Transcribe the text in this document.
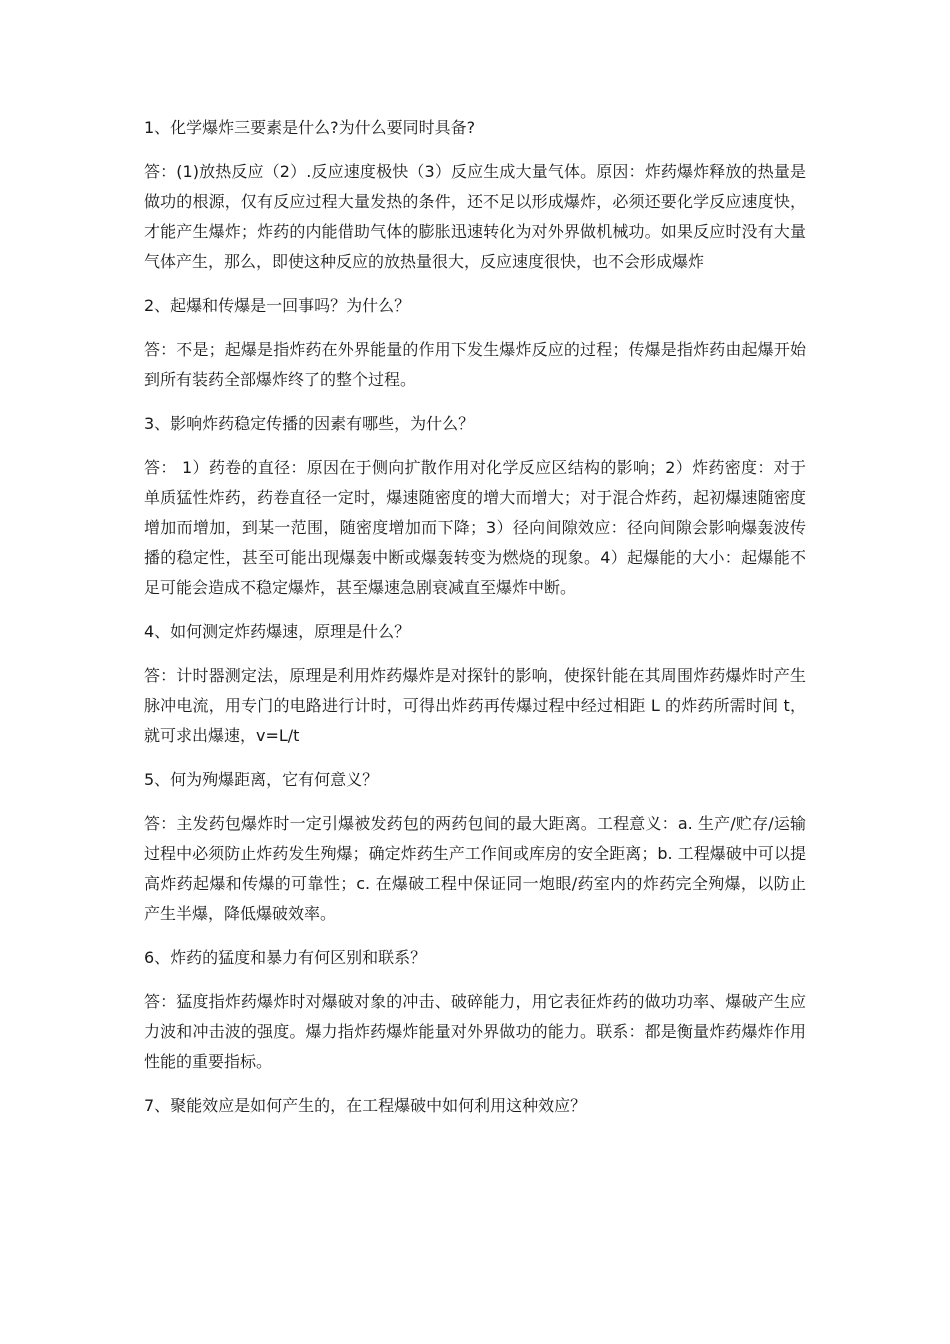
1、化学爆炸三要素是什么?为什么要同时具备?
答：(1)放热反应（2）.反应速度极快（3）反应生成大量气体。原因：炸药爆炸释放的热量是做功的根源，仅有反应过程大量发热的条件，还不足以形成爆炸，必须还要化学反应速度快，才能产生爆炸；炸药的内能借助气体的膨胀迅速转化为对外界做机械功。如果反应时没有大量气体产生，那么，即使这种反应的放热量很大，反应速度很快，也不会形成爆炸
2、起爆和传爆是一回事吗？为什么？
答：不是；起爆是指炸药在外界能量的作用下发生爆炸反应的过程；传爆是指炸药由起爆开始到所有装药全部爆炸终了的整个过程。
3、影响炸药稳定传播的因素有哪些，为什么？
答： 1）药卷的直径：原因在于侧向扩散作用对化学反应区结构的影响；2）炸药密度：对于单质猛性炸药，药卷直径一定时，爆速随密度的增大而增大；对于混合炸药，起初爆速随密度增加而增加，到某一范围，随密度增加而下降；3）径向间隙效应：径向间隙会影响爆轰波传播的稳定性，甚至可能出现爆轰中断或爆轰转变为燃烧的现象。4）起爆能的大小：起爆能不足可能会造成不稳定爆炸，甚至爆速急剧衰减直至爆炸中断。
4、如何测定炸药爆速，原理是什么？
答：计时器测定法，原理是利用炸药爆炸是对探针的影响，使探针能在其周围炸药爆炸时产生脉冲电流，用专门的电路进行计时，可得出炸药再传爆过程中经过相距 L 的炸药所需时间 t，就可求出爆速，v=L/t
5、何为殉爆距离，它有何意义？
答：主发药包爆炸时一定引爆被发药包的两药包间的最大距离。工程意义：a. 生产/贮存/运输过程中必须防止炸药发生殉爆；确定炸药生产工作间或库房的安全距离；b. 工程爆破中可以提高炸药起爆和传爆的可靠性；c. 在爆破工程中保证同一炮眼/药室内的炸药完全殉爆，以防止产生半爆，降低爆破效率。
6、炸药的猛度和暴力有何区别和联系？
答：猛度指炸药爆炸时对爆破对象的冲击、破碎能力，用它表征炸药的做功功率、爆破产生应力波和冲击波的强度。爆力指炸药爆炸能量对外界做功的能力。联系：都是衡量炸药爆炸作用性能的重要指标。
7、聚能效应是如何产生的，在工程爆破中如何利用这种效应？
